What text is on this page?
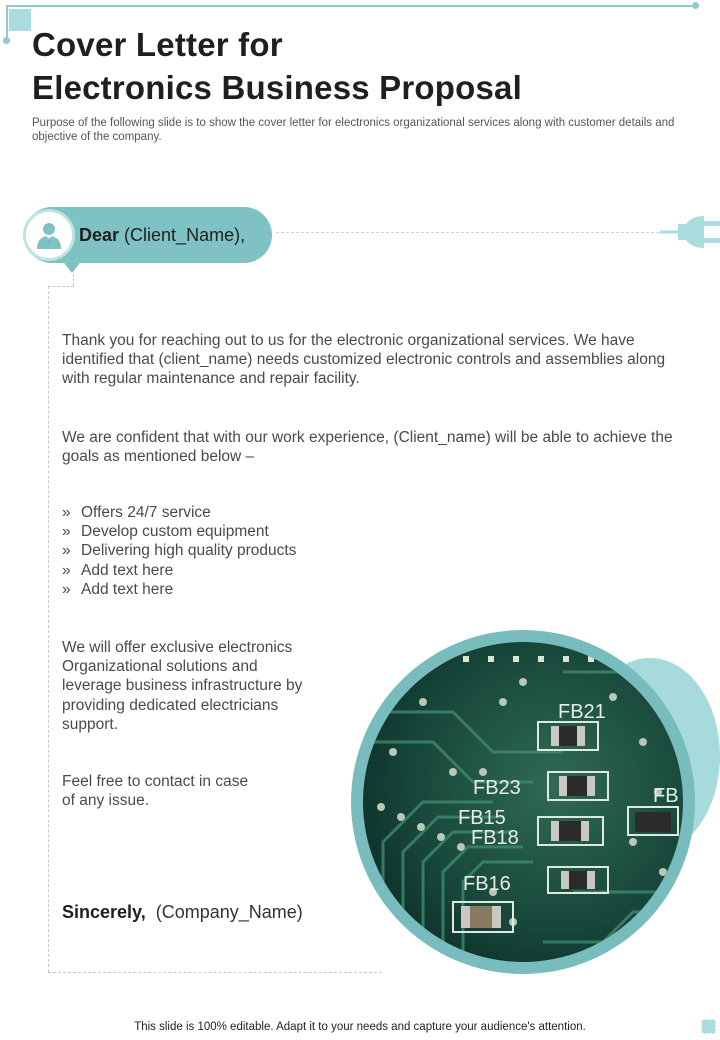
Cover Letter for
Electronics Business Proposal

Purpose of the following slide is to show the cover letter for electronics organizational services along with customer details and objective of the company.

Dear (Client_Name),

Thank you for reaching out to us for the electronic organizational services. We have identified that (client_name) needs customized electronic controls and assemblies along with regular maintenance and repair facility.

We are confident that with our work experience, (Client_name) will be able to achieve the goals as mentioned below –

» Offers 24/7 service
» Develop custom equipment
» Delivering high quality products
» Add text here
» Add text here

We will offer exclusive electronics Organizational solutions and leverage business infrastructure by providing dedicated electricians support.

Feel free to contact in case of any issue.

Sincerely, (Company_Name)
FB21
FB23
FB15
FB18
FB16
FB
This slide is 100% editable. Adapt it to your needs and capture your audience's attention.
